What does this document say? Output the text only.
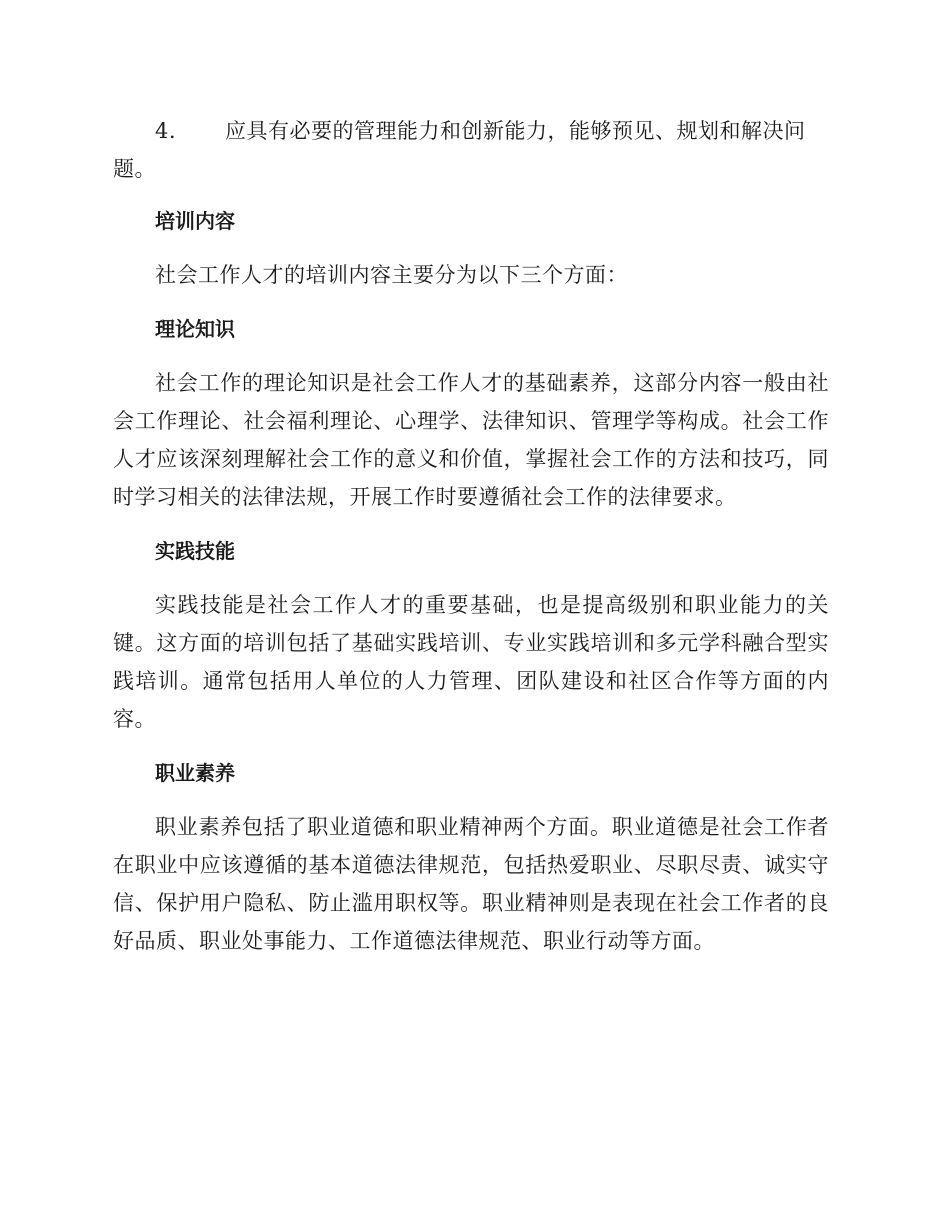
4. 应具有必要的管理能力和创新能力，能够预见、规划和解决问题。

培训内容

社会工作人才的培训内容主要分为以下三个方面：

理论知识

社会工作的理论知识是社会工作人才的基础素养，这部分内容一般由社会工作理论、社会福利理论、心理学、法律知识、管理学等构成。社会工作人才应该深刻理解社会工作的意义和价值，掌握社会工作的方法和技巧，同时学习相关的法律法规，开展工作时要遵循社会工作的法律要求。

实践技能

实践技能是社会工作人才的重要基础，也是提高级别和职业能力的关键。这方面的培训包括了基础实践培训、专业实践培训和多元学科融合型实践培训。通常包括用人单位的人力管理、团队建设和社区合作等方面的内容。

职业素养

职业素养包括了职业道德和职业精神两个方面。职业道德是社会工作者在职业中应该遵循的基本道德法律规范，包括热爱职业、尽职尽责、诚实守信、保护用户隐私、防止滥用职权等。职业精神则是表现在社会工作者的良好品质、职业处事能力、工作道德法律规范、职业行动等方面。
